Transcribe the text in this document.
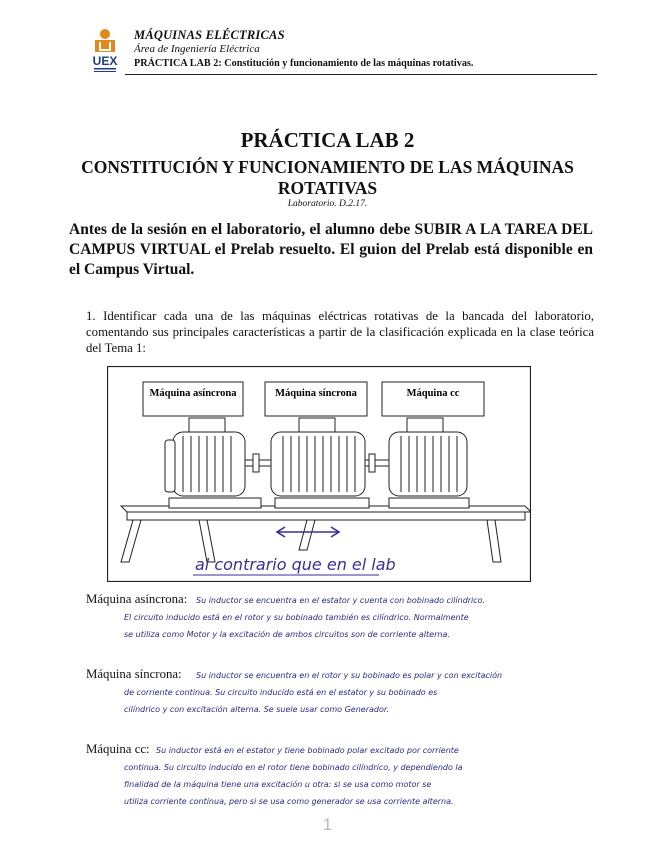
UEX
MÁQUINAS ELÉCTRICAS
Área de Ingeniería Eléctrica
PRÁCTICA LAB 2: Constitución y funcionamiento de las máquinas rotativas.
PRÁCTICA LAB 2
CONSTITUCIÓN Y FUNCIONAMIENTO DE LAS MÁQUINAS ROTATIVAS
Laboratorio. D.2.17.
Antes de la sesión en el laboratorio, el alumno debe SUBIR A LA TAREA DEL CAMPUS VIRTUAL el Prelab resuelto. El guion del Prelab está disponible en el Campus Virtual.
1. Identificar cada una de las máquinas eléctricas rotativas de la bancada del laboratorio, comentando sus principales características a partir de la clasificación explicada en la clase teórica del Tema 1:
Máquina asíncrona	Máquina síncrona	Máquina cc
al contrario que en el lab
Máquina asíncrona: Su inductor se encuentra en el estator y cuenta con bobinado cilíndrico.
El circuito inducido está en el rotor y su bobinado también es cilíndrico. Normalmente
se utiliza como Motor y la excitación de ambos circuitos son de corriente alterna.
Máquina síncrona: Su inductor se encuentra en el rotor y su bobinado es polar y con excitación
de corriente continua. Su circuito inducido está en el estator y su bobinado es
cilíndrico y con excitación alterna. Se suele usar como Generador.
Máquina cc: Su inductor está en el estator y tiene bobinado polar excitado por corriente
continua. Su circuito inducido en el rotor tiene bobinado cilíndrico, y dependiendo la
finalidad de la máquina tiene una excitación u otra: si se usa como motor se
utiliza corriente continua, pero si se usa como generador se usa corriente alterna.
1
